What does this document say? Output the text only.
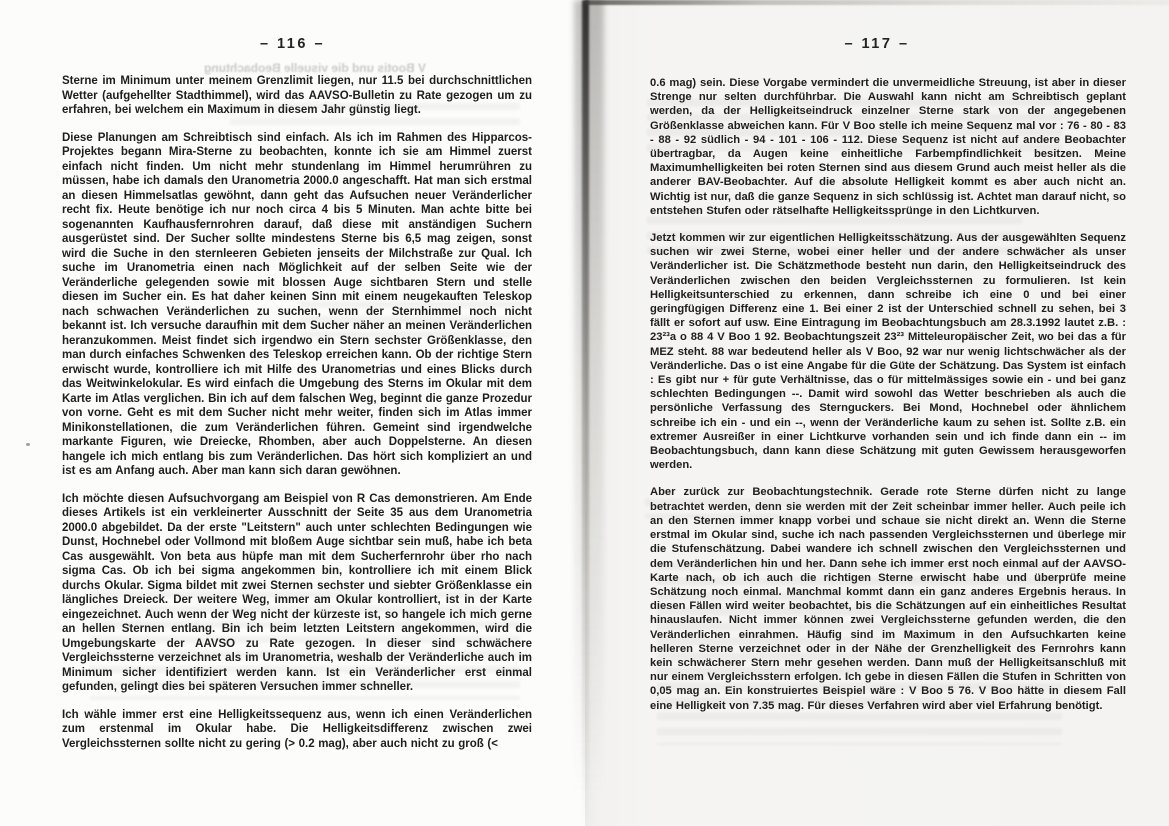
V Bootis und die visuelle Beobachtung
– 116 –

Sterne im Minimum unter meinem Grenzlimit liegen, nur 11.5 bei durchschnittlichen Wetter (aufgehellter Stadthimmel), wird das AAVSO-Bulletin zu Rate gezogen um zu erfahren, bei welchem ein Maximum in diesem Jahr günstig liegt.

Diese Planungen am Schreibtisch sind einfach. Als ich im Rahmen des Hipparcos-Projektes begann Mira-Sterne zu beobachten, konnte ich sie am Himmel zuerst einfach nicht finden. Um nicht mehr stundenlang im Himmel herumrühren zu müssen, habe ich damals den Uranometria 2000.0 angeschafft. Hat man sich erstmal an diesen Himmelsatlas gewöhnt, dann geht das Aufsuchen neuer Veränderlicher recht fix. Heute benötige ich nur noch circa 4 bis 5 Minuten. Man achte bitte bei sogenannten Kaufhausfernrohren darauf, daß diese mit anständigen Suchern ausgerüstet sind. Der Sucher sollte mindestens Sterne bis 6,5 mag zeigen, sonst wird die Suche in den sternleeren Gebieten jenseits der Milchstraße zur Qual. Ich suche im Uranometria einen nach Möglichkeit auf der selben Seite wie der Veränderliche gelegenden sowie mit blossen Auge sichtbaren Stern und stelle diesen im Sucher ein. Es hat daher keinen Sinn mit einem neugekauften Teleskop nach schwachen Veränderlichen zu suchen, wenn der Sternhimmel noch nicht bekannt ist. Ich versuche daraufhin mit dem Sucher näher an meinen Veränderlichen heranzukommen. Meist findet sich irgendwo ein Stern sechster Größenklasse, den man durch einfaches Schwenken des Teleskop erreichen kann. Ob der richtige Stern erwischt wurde, kontrolliere ich mit Hilfe des Uranometrias und eines Blicks durch das Weitwinkelokular. Es wird einfach die Umgebung des Sterns im Okular mit dem Karte im Atlas verglichen. Bin ich auf dem falschen Weg, beginnt die ganze Prozedur von vorne. Geht es mit dem Sucher nicht mehr weiter, finden sich im Atlas immer Minikonstellationen, die zum Veränderlichen führen. Gemeint sind irgendwelche markante Figuren, wie Dreiecke, Rhomben, aber auch Doppelsterne. An diesen hangele ich mich entlang bis zum Veränderlichen. Das hört sich kompliziert an und ist es am Anfang auch. Aber man kann sich daran gewöhnen.

Ich möchte diesen Aufsuchvorgang am Beispiel von R Cas demonstrieren. Am Ende dieses Artikels ist ein verkleinerter Ausschnitt der Seite 35 aus dem Uranometria 2000.0 abgebildet. Da der erste "Leitstern" auch unter schlechten Bedingungen wie Dunst, Hochnebel oder Vollmond mit bloßem Auge sichtbar sein muß, habe ich beta Cas ausgewählt. Von beta aus hüpfe man mit dem Sucherfernrohr über rho nach sigma Cas. Ob ich bei sigma angekommen bin, kontrolliere ich mit einem Blick durchs Okular. Sigma bildet mit zwei Sternen sechster und siebter Größenklasse ein längliches Dreieck. Der weitere Weg, immer am Okular kontrolliert, ist in der Karte eingezeichnet. Auch wenn der Weg nicht der kürzeste ist, so hangele ich mich gerne an hellen Sternen entlang. Bin ich beim letzten Leitstern angekommen, wird die Umgebungskarte der AAVSO zu Rate gezogen. In dieser sind schwächere Vergleichssterne verzeichnet als im Uranometria, weshalb der Veränderliche auch im Minimum sicher identifiziert werden kann. Ist ein Veränderlicher erst einmal gefunden, gelingt dies bei späteren Versuchen immer schneller.

Ich wähle immer erst eine Helligkeitssequenz aus, wenn ich einen Veränderlichen zum erstenmal im Okular habe. Die Helligkeitsdifferenz zwischen zwei Vergleichssternen sollte nicht zu gering (> 0.2 mag), aber auch nicht zu groß (<

– 117 –

0.6 mag) sein. Diese Vorgabe vermindert die unvermeidliche Streuung, ist aber in dieser Strenge nur selten durchführbar. Die Auswahl kann nicht am Schreibtisch geplant werden, da der Helligkeitseindruck einzelner Sterne stark von der angegebenen Größenklasse abweichen kann. Für V Boo stelle ich meine Sequenz mal vor : 76 - 80 - 83 - 88 - 92 südlich - 94 - 101 - 106 - 112. Diese Sequenz ist nicht auf andere Beobachter übertragbar, da Augen keine einheitliche Farbempfindlichkeit besitzen. Meine Maximumhelligkeiten bei roten Sternen sind aus diesem Grund auch meist heller als die anderer BAV-Beobachter. Auf die absolute Helligkeit kommt es aber auch nicht an. Wichtig ist nur, daß die ganze Sequenz in sich schlüssig ist. Achtet man darauf nicht, so entstehen Stufen oder rätselhafte Helligkeitssprünge in den Lichtkurven.

Jetzt kommen wir zur eigentlichen Helligkeitsschätzung. Aus der ausgewählten Sequenz suchen wir zwei Sterne, wobei einer heller und der andere schwächer als unser Veränderlicher ist. Die Schätzmethode besteht nun darin, den Helligkeitseindruck des Veränderlichen zwischen den beiden Vergleichssternen zu formulieren. Ist kein Helligkeitsunterschied zu erkennen, dann schreibe ich eine 0 und bei einer geringfügigen Differenz eine 1. Bei einer 2 ist der Unterschied schnell zu sehen, bei 3 fällt er sofort auf usw. Eine Eintragung im Beobachtungsbuch am 28.3.1992 lautet z.B. : 23²³a o 88 4 V Boo 1 92. Beobachtungszeit 23²³ Mitteleuropäischer Zeit, wo bei das a für MEZ steht. 88 war bedeutend heller als V Boo, 92 war nur wenig lichtschwächer als der Veränderliche. Das o ist eine Angabe für die Güte der Schätzung. Das System ist einfach : Es gibt nur + für gute Verhältnisse, das o für mittelmässiges sowie ein - und bei ganz schlechten Bedingungen --. Damit wird sowohl das Wetter beschrieben als auch die persönliche Verfassung des Sternguckers. Bei Mond, Hochnebel oder ähnlichem schreibe ich ein - und ein --, wenn der Veränderliche kaum zu sehen ist. Sollte z.B. ein extremer Ausreißer in einer Lichtkurve vorhanden sein und ich finde dann ein -- im Beobachtungsbuch, dann kann diese Schätzung mit guten Gewissem herausgeworfen werden.

Aber zurück zur Beobachtungstechnik. Gerade rote Sterne dürfen nicht zu lange betrachtet werden, denn sie werden mit der Zeit scheinbar immer heller. Auch peile ich an den Sternen immer knapp vorbei und schaue sie nicht direkt an. Wenn die Sterne erstmal im Okular sind, suche ich nach passenden Vergleichssternen und überlege mir die Stufenschätzung. Dabei wandere ich schnell zwischen den Vergleichssternen und dem Veränderlichen hin und her. Dann sehe ich immer erst noch einmal auf der AAVSO-Karte nach, ob ich auch die richtigen Sterne erwischt habe und überprüfe meine Schätzung noch einmal. Manchmal kommt dann ein ganz anderes Ergebnis heraus. In diesen Fällen wird weiter beobachtet, bis die Schätzungen auf ein einheitliches Resultat hinauslaufen. Nicht immer können zwei Vergleichssterne gefunden werden, die den Veränderlichen einrahmen. Häufig sind im Maximum in den Aufsuchkarten keine helleren Sterne verzeichnet oder in der Nähe der Grenzhelligkeit des Fernrohrs kann kein schwächerer Stern mehr gesehen werden. Dann muß der Helligkeitsanschluß mit nur einem Vergleichsstern erfolgen. Ich gebe in diesen Fällen die Stufen in Schritten von 0,05 mag an. Ein konstruiertes Beispiel wäre : V Boo 5 76. V Boo hätte in diesem Fall eine Helligkeit von 7.35 mag. Für dieses Verfahren wird aber viel Erfahrung benötigt.
